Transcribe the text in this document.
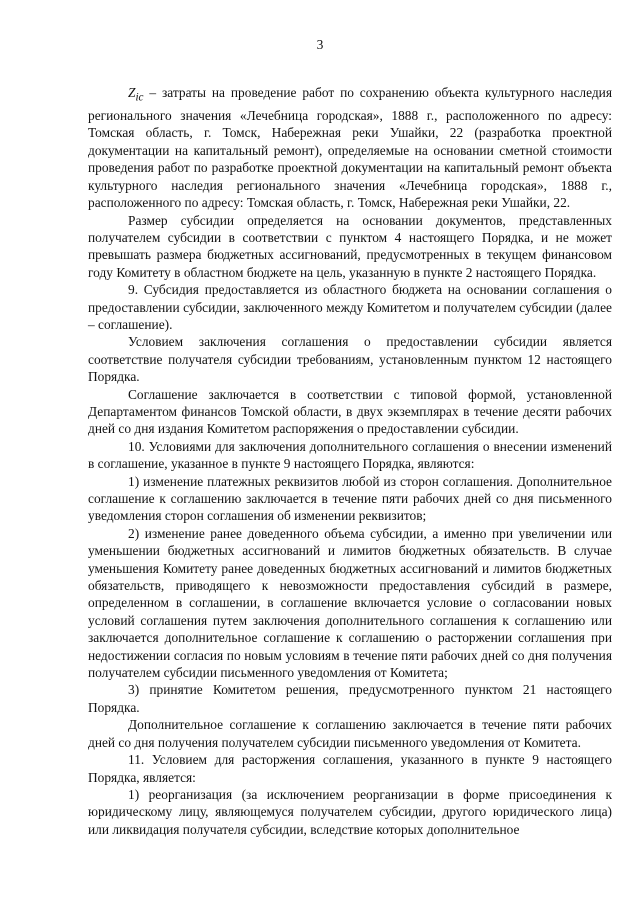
3

$Z_{ic}$ – затраты на проведение работ по сохранению объекта культурного наследия регионального значения «Лечебница городская», 1888 г., расположенного по адресу: Томская область, г. Томск, Набережная реки Ушайки, 22 (разработка проектной документации на капитальный ремонт), определяемые на основании сметной стоимости проведения работ по разработке проектной документации на капитальный ремонт объекта культурного наследия регионального значения «Лечебница городская», 1888 г., расположенного по адресу: Томская область, г. Томск, Набережная реки Ушайки, 22.

Размер субсидии определяется на основании документов, представленных получателем субсидии в соответствии с пунктом 4 настоящего Порядка, и не может превышать размера бюджетных ассигнований, предусмотренных в текущем финансовом году Комитету в областном бюджете на цель, указанную в пункте 2 настоящего Порядка.

9. Субсидия предоставляется из областного бюджета на основании соглашения о предоставлении субсидии, заключенного между Комитетом и получателем субсидии (далее – соглашение).

Условием заключения соглашения о предоставлении субсидии является соответствие получателя субсидии требованиям, установленным пунктом 12 настоящего Порядка.

Соглашение заключается в соответствии с типовой формой, установленной Департаментом финансов Томской области, в двух экземплярах в течение десяти рабочих дней со дня издания Комитетом распоряжения о предоставлении субсидии.

10. Условиями для заключения дополнительного соглашения о внесении изменений в соглашение, указанное в пункте 9 настоящего Порядка, являются:

1) изменение платежных реквизитов любой из сторон соглашения. Дополнительное соглашение к соглашению заключается в течение пяти рабочих дней со дня письменного уведомления сторон соглашения об изменении реквизитов;

2) изменение ранее доведенного объема субсидии, а именно при увеличении или уменьшении бюджетных ассигнований и лимитов бюджетных обязательств. В случае уменьшения Комитету ранее доведенных бюджетных ассигнований и лимитов бюджетных обязательств, приводящего к невозможности предоставления субсидий в размере, определенном в соглашении, в соглашение включается условие о согласовании новых условий соглашения путем заключения дополнительного соглашения к соглашению или заключается дополнительное соглашение к соглашению о расторжении соглашения при недостижении согласия по новым условиям в течение пяти рабочих дней со дня получения получателем субсидии письменного уведомления от Комитета;

3) принятие Комитетом решения, предусмотренного пунктом 21 настоящего Порядка.

Дополнительное соглашение к соглашению заключается в течение пяти рабочих дней со дня получения получателем субсидии письменного уведомления от Комитета.

11. Условием для расторжения соглашения, указанного в пункте 9 настоящего Порядка, является:

1) реорганизация (за исключением реорганизации в форме присоединения к юридическому лицу, являющемуся получателем субсидии, другого юридического лица) или ликвидация получателя субсидии, вследствие которых дополнительное
